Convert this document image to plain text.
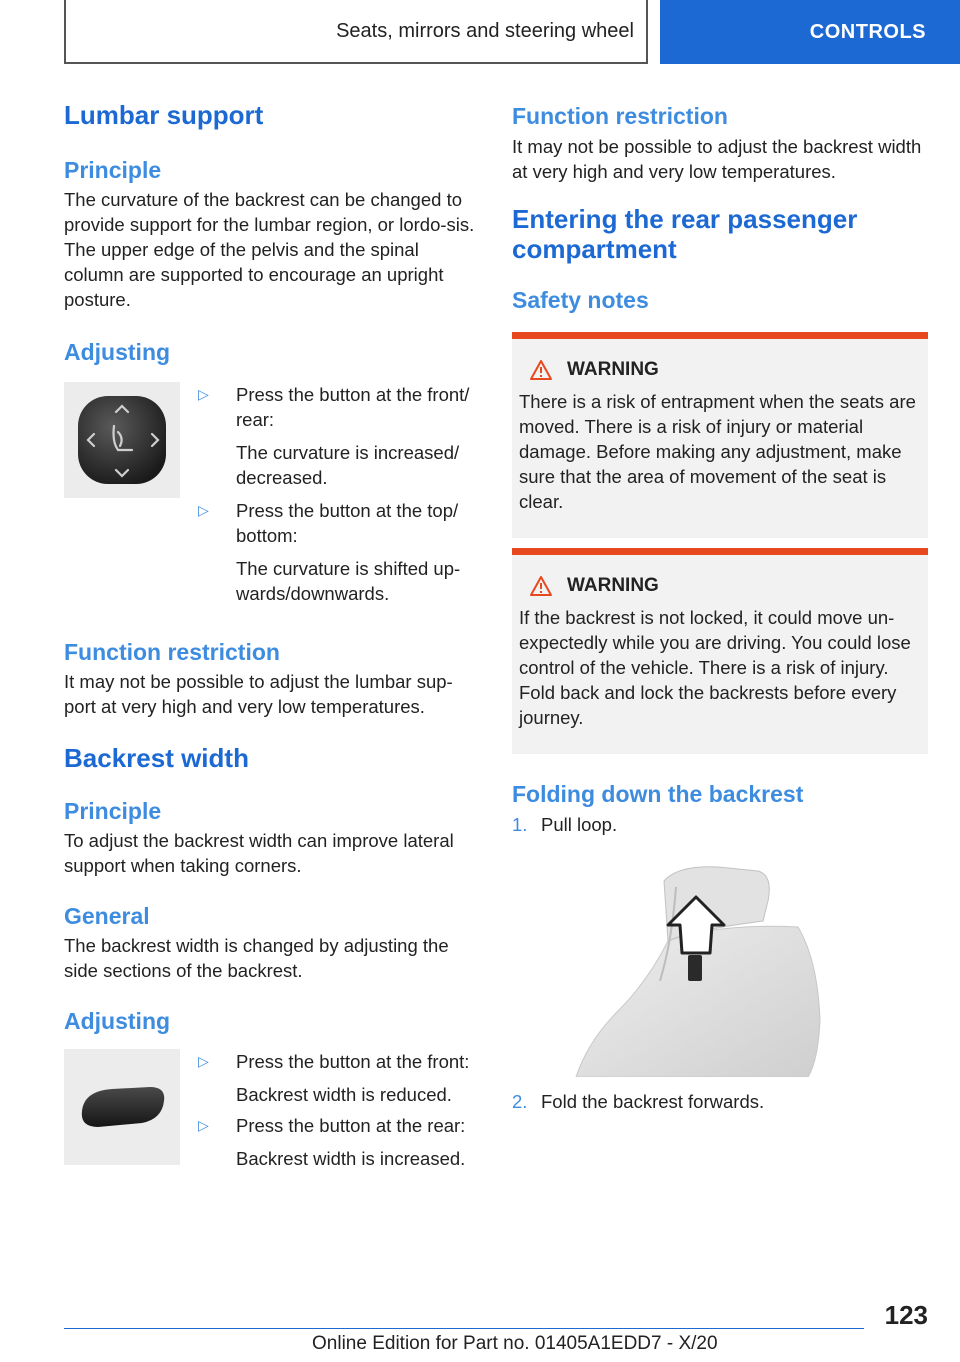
Seats, mirrors and steering wheel	CONTROLS
Lumbar support
Principle

The curvature of the backrest can be changed to provide support for the lumbar region, or lordo-sis. The upper edge of the pelvis and the spinal column are supported to encourage an upright posture.

Adjusting
▷ Press the button at the front/ rear:
The curvature is increased/ decreased.
▷ Press the button at the top/ bottom:
The curvature is shifted up-wards/downwards.
Function restriction

It may not be possible to adjust the lumbar sup-port at very high and very low temperatures.

Backrest width
Principle

To adjust the backrest width can improve lateral support when taking corners.

General

The backrest width is changed by adjusting the side sections of the backrest.

Adjusting
▷ Press the button at the front:
Backrest width is reduced.
▷ Press the button at the rear:
Backrest width is increased.
Function restriction

It may not be possible to adjust the backrest width at very high and very low temperatures.

Entering the rear passenger compartment
Safety notes
WARNING

There is a risk of entrapment when the seats are moved. There is a risk of injury or material damage. Before making any adjustment, make sure that the area of movement of the seat is clear.

WARNING

If the backrest is not locked, it could move un-expectedly while you are driving. You could lose control of the vehicle. There is a risk of injury. Fold back and lock the backrests before every journey.

Folding down the backrest
1. Pull loop.
2. Fold the backrest forwards.
123
Online Edition for Part no. 01405A1EDD7 - X/20
